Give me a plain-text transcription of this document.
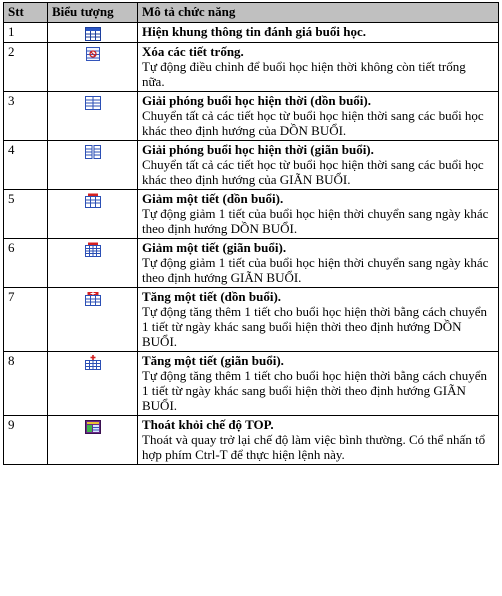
Stt	Biểu tượng	Mô tả chức năng
1		Hiện khung thông tin đánh giá buổi học.

2		Xóa các tiết trống.
Tự động điều chỉnh để buổi học hiện thời không còn tiết trống nữa.

3		Giải phóng buổi học hiện thời (dồn buổi).
Chuyển tất cả các tiết học từ buổi học hiện thời sang các buổi học khác theo định hướng của DỒN BUỔI.

4		Giải phóng buổi học hiện thời (giãn buổi).
Chuyển tất cả các tiết học từ buổi học hiện thời sang các buổi học khác theo định hướng của GIÃN BUỔI.

5		Giảm một tiết (dồn buổi).
Tự động giảm 1 tiết của buổi học hiện thời chuyển sang ngày khác theo định hướng DỒN BUỔI.

6		Giảm một tiết (giãn buổi).
Tự động giảm 1 tiết của buổi học hiện thời chuyển sang ngày khác theo định hướng GIÃN BUỔI.

7		Tăng một tiết (dồn buổi).
Tự động tăng thêm 1 tiết cho buổi học hiện thời bằng cách chuyển 1 tiết từ ngày khác sang buổi hiện thời theo định hướng DỒN BUỔI.

8		Tăng một tiết (giãn buổi).
Tự động tăng thêm 1 tiết cho buổi học hiện thời bằng cách chuyển 1 tiết từ ngày khác sang buổi hiện thời theo định hướng GIÃN BUỔI.

9		Thoát khỏi chế độ TOP.
Thoát và quay trở lại chế độ làm việc bình thường. Có thể nhấn tổ hợp phím Ctrl-T để thực hiện lệnh này.
